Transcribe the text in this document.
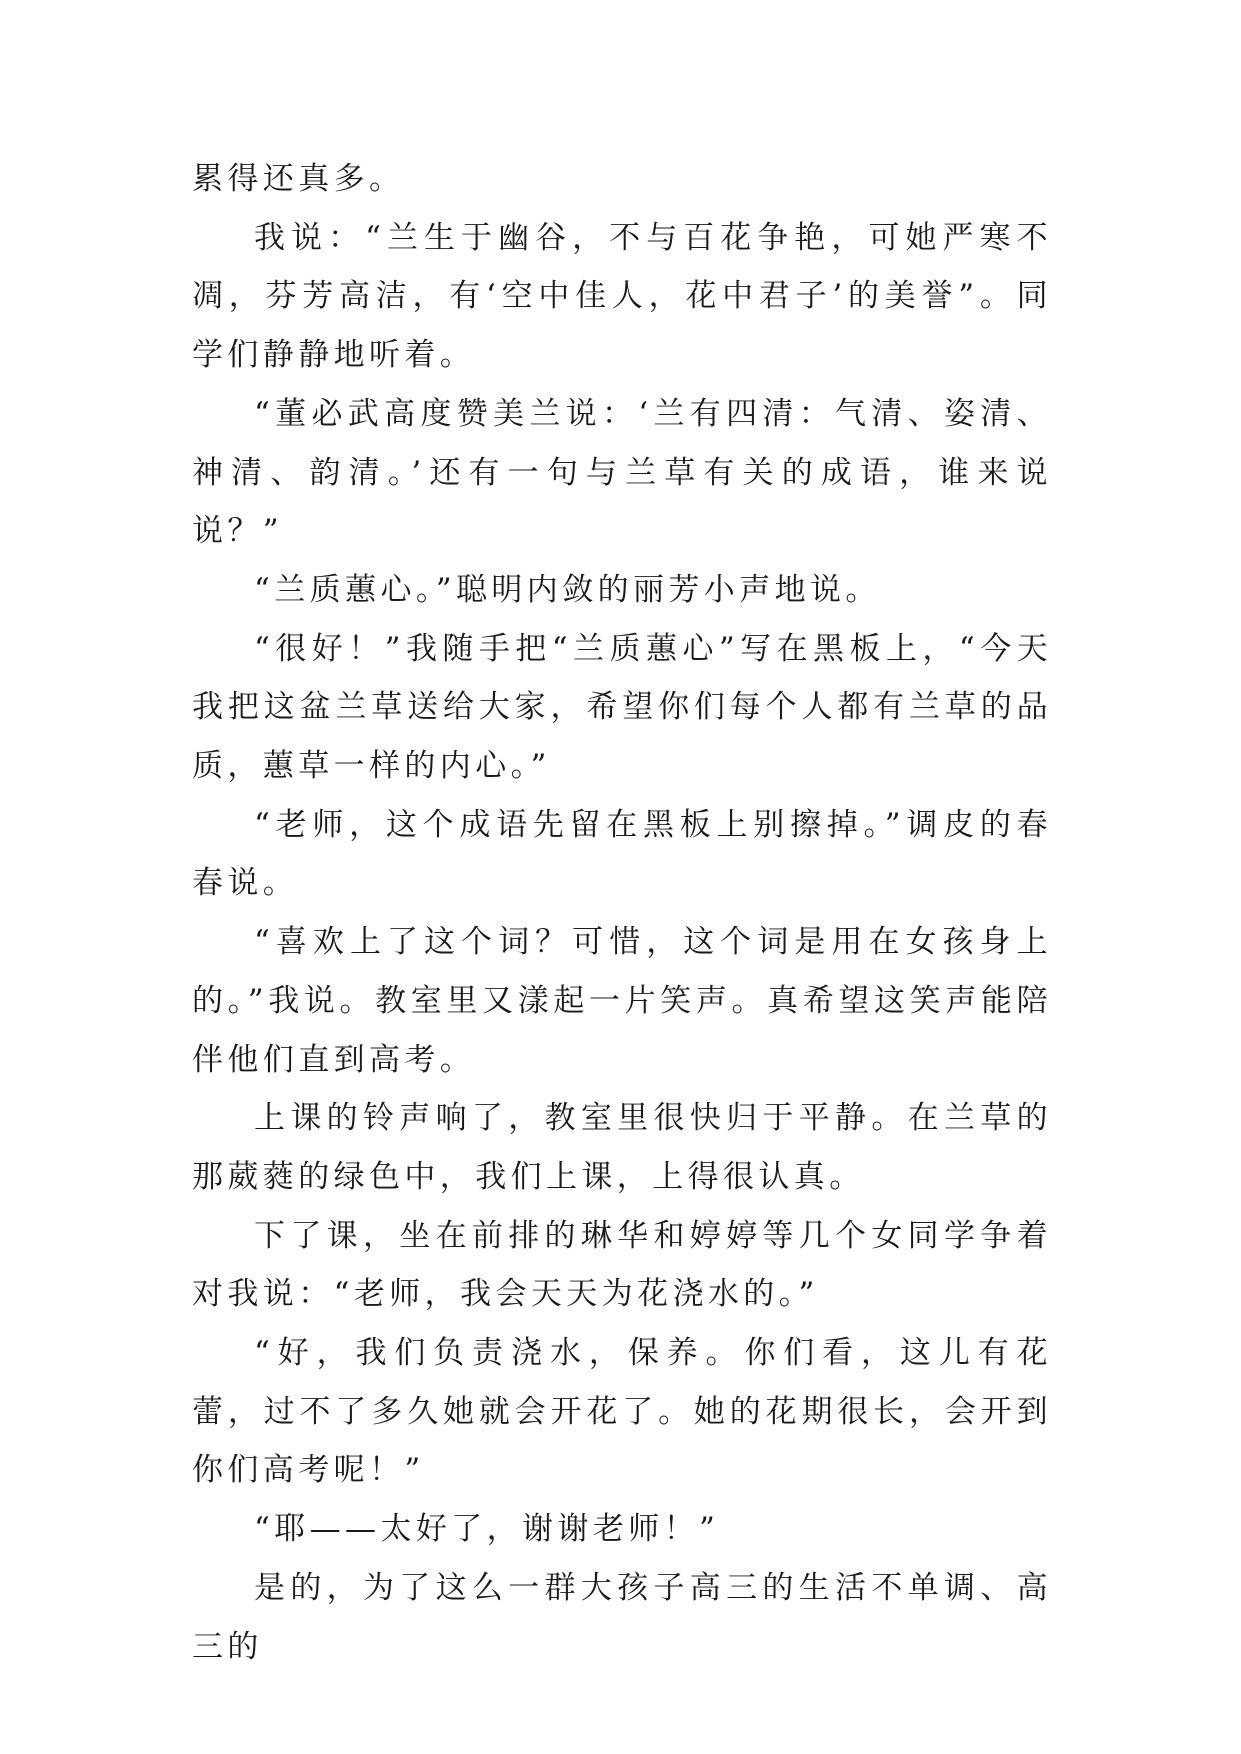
累得还真多。

我说：“兰生于幽谷，不与百花争艳，可她严寒不凋，芬芳高洁，有‘空中佳人，花中君子’的美誉”。同学们静静地听着。

“董必武高度赞美兰说：‘兰有四清：气清、姿清、神清、韵清。’还有一句与兰草有关的成语，谁来说说？”

“兰质蕙心。”聪明内敛的丽芳小声地说。

“很好！”我随手把“兰质蕙心”写在黑板上，“今天我把这盆兰草送给大家，希望你们每个人都有兰草的品质，蕙草一样的内心。”

“老师，这个成语先留在黑板上别擦掉。”调皮的春春说。

“喜欢上了这个词？可惜，这个词是用在女孩身上的。”我说。教室里又漾起一片笑声。真希望这笑声能陪伴他们直到高考。

上课的铃声响了，教室里很快归于平静。在兰草的那葳蕤的绿色中，我们上课，上得很认真。

下了课，坐在前排的琳华和婷婷等几个女同学争着对我说：“老师，我会天天为花浇水的。”

“好，我们负责浇水，保养。你们看，这儿有花蕾，过不了多久她就会开花了。她的花期很长，会开到你们高考呢！”

“耶——太好了，谢谢老师！”

是的，为了这么一群大孩子高三的生活不单调、高三的
